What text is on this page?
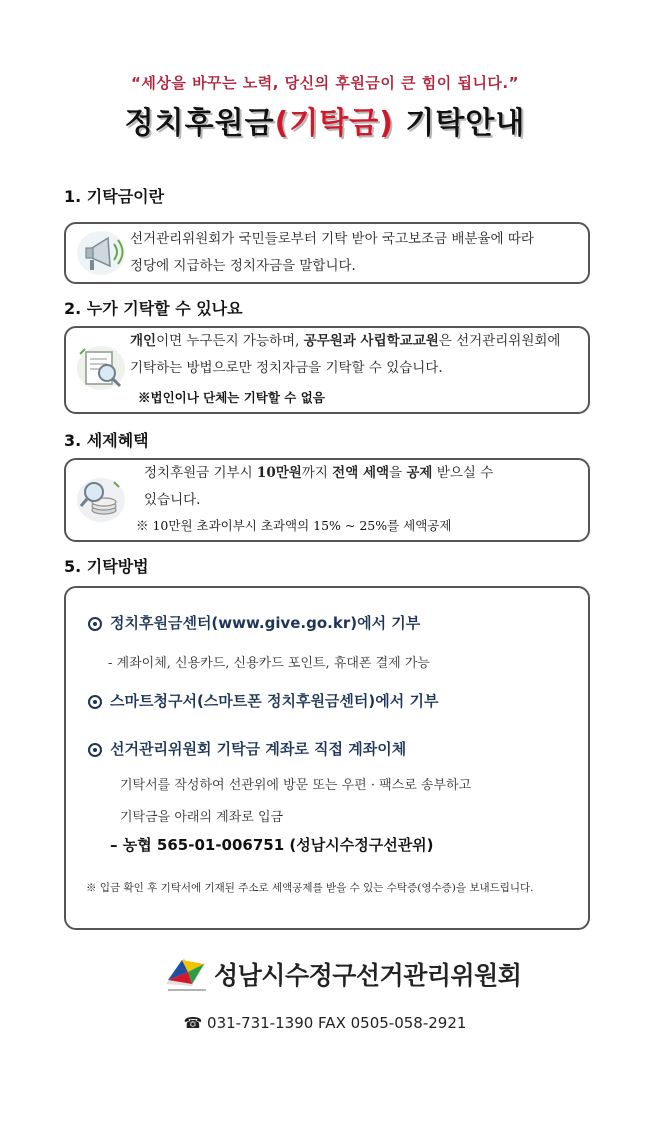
“세상을 바꾸는 노력, 당신의 후원금이 큰 힘이 됩니다.”
정치후원금(기탁금) 기탁안내
1. 기탁금이란
선거관리위원회가 국민들로부터 기탁 받아 국고보조금 배분율에 따라
정당에 지급하는 정치자금을 말합니다.
2. 누가 기탁할 수 있나요
개인이면 누구든지 가능하며, 공무원과 사립학교교원은 선거관리위원회에
기탁하는 방법으로만 정치자금을 기탁할 수 있습니다.
※법인이나 단체는 기탁할 수 없음
3. 세제혜택
정치후원금 기부시 10만원까지 전액 세액을 공제 받으실 수
있습니다.
※ 10만원 초과이부시 초과액의 15% ~ 25%를 세액공제
5. 기탁방법
정치후원금센터(www.give.go.kr)에서 기부
- 계좌이체, 신용카드, 신용카드 포인트, 휴대폰 결제 가능
스마트청구서(스마트폰 정치후원금센터)에서 기부
선거관리위원회 기탁금 계좌로 직접 계좌이체
기탁서를 작성하여 선관위에 방문 또는 우편 · 팩스로 송부하고
기탁금을 아래의 계좌로 입금
– 농협 565-01-006751 (성남시수정구선관위)
※ 입금 확인 후 기탁서에 기재된 주소로 세액공제를 받을 수 있는 수탁증(영수증)을 보내드립니다.
성남시수정구선거관리위원회
☎ 031-731-1390 FAX 0505-058-2921
